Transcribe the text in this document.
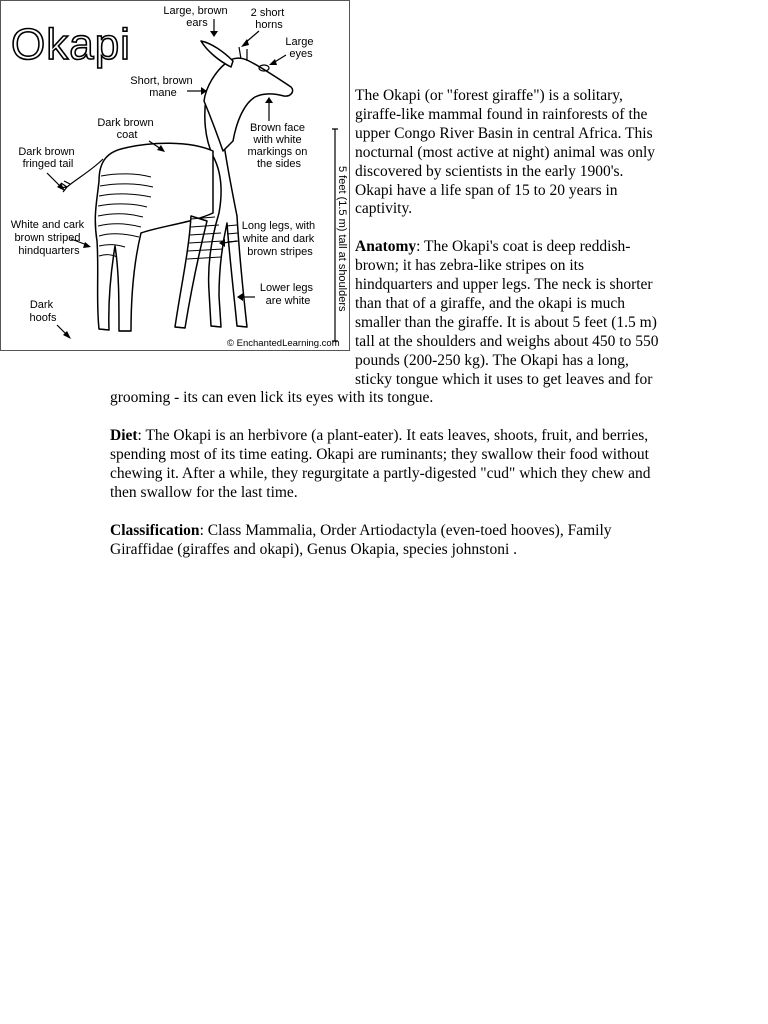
Okapi
5 feet (1.5 m) tall at shoulders
Large, brown ears
2 short horns
Large eyes
Short, brown mane
Brown face with white markings on the sides
Dark brown coat
Dark brown fringed tail
White and cark brown striped hindquarters
Long legs, with white and dark brown stripes
Lower legs are white
Dark hoofs
© EnchantedLearning.com

The Okapi (or "forest giraffe") is a solitary, giraffe-like mammal found in rainforests of the upper Congo River Basin in central Africa. This nocturnal (most active at night) animal was only discovered by scientists in the early 1900's. Okapi have a life span of 15 to 20 years in captivity.

Anatomy: The Okapi's coat is deep reddish-brown; it has zebra-like stripes on its hindquarters and upper legs. The neck is shorter than that of a giraffe, and the okapi is much smaller than the giraffe. It is about 5 feet (1.5 m) tall at the shoulders and weighs about 450 to 550 pounds (200-250 kg). The Okapi has a long, sticky tongue which it uses to get leaves and for grooming - its can even lick its eyes with its tongue.

Diet: The Okapi is an herbivore (a plant-eater). It eats leaves, shoots, fruit, and berries, spending most of its time eating. Okapi are ruminants; they swallow their food without chewing it. After a while, they regurgitate a partly-digested "cud" which they chew and then swallow for the last time.

Classification: Class Mammalia, Order Artiodactyla (even-toed hooves), Family Giraffidae (giraffes and okapi), Genus Okapia, species johnstoni .
